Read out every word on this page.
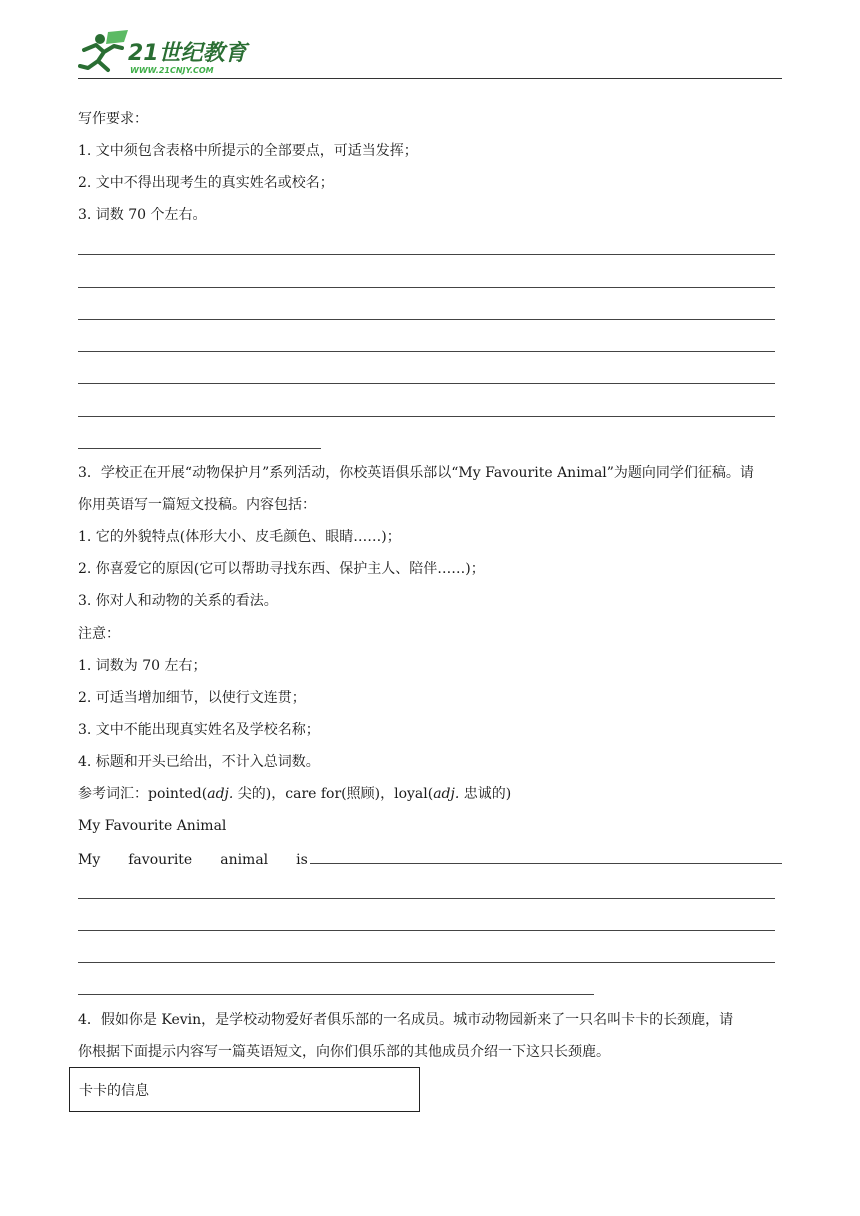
21世纪教育
WWW.21CNJY.COM
写作要求：
1. 文中须包含表格中所提示的全部要点，可适当发挥；
2. 文中不得出现考生的真实姓名或校名；
3. 词数 70 个左右。
3．学校正在开展“动物保护月”系列活动，你校英语俱乐部以“My Favourite Animal”为题向同学们征稿。请
你用英语写一篇短文投稿。内容包括：
1. 它的外貌特点(体形大小、皮毛颜色、眼睛……)；
2. 你喜爱它的原因(它可以帮助寻找东西、保护主人、陪伴……)；
3. 你对人和动物的关系的看法。
注意：
1. 词数为 70 左右；
2. 可适当增加细节，以使行文连贯；
3. 文中不能出现真实姓名及学校名称；
4. 标题和开头已给出，不计入总词数。
参考词汇：pointed(adj. 尖的)，care for(照顾)，loyal(adj. 忠诚的)
My Favourite Animal
My favourite animal is
4．假如你是 Kevin，是学校动物爱好者俱乐部的一名成员。城市动物园新来了一只名叫卡卡的长颈鹿，请
你根据下面提示内容写一篇英语短文，向你们俱乐部的其他成员介绍一下这只长颈鹿。
卡卡的信息
